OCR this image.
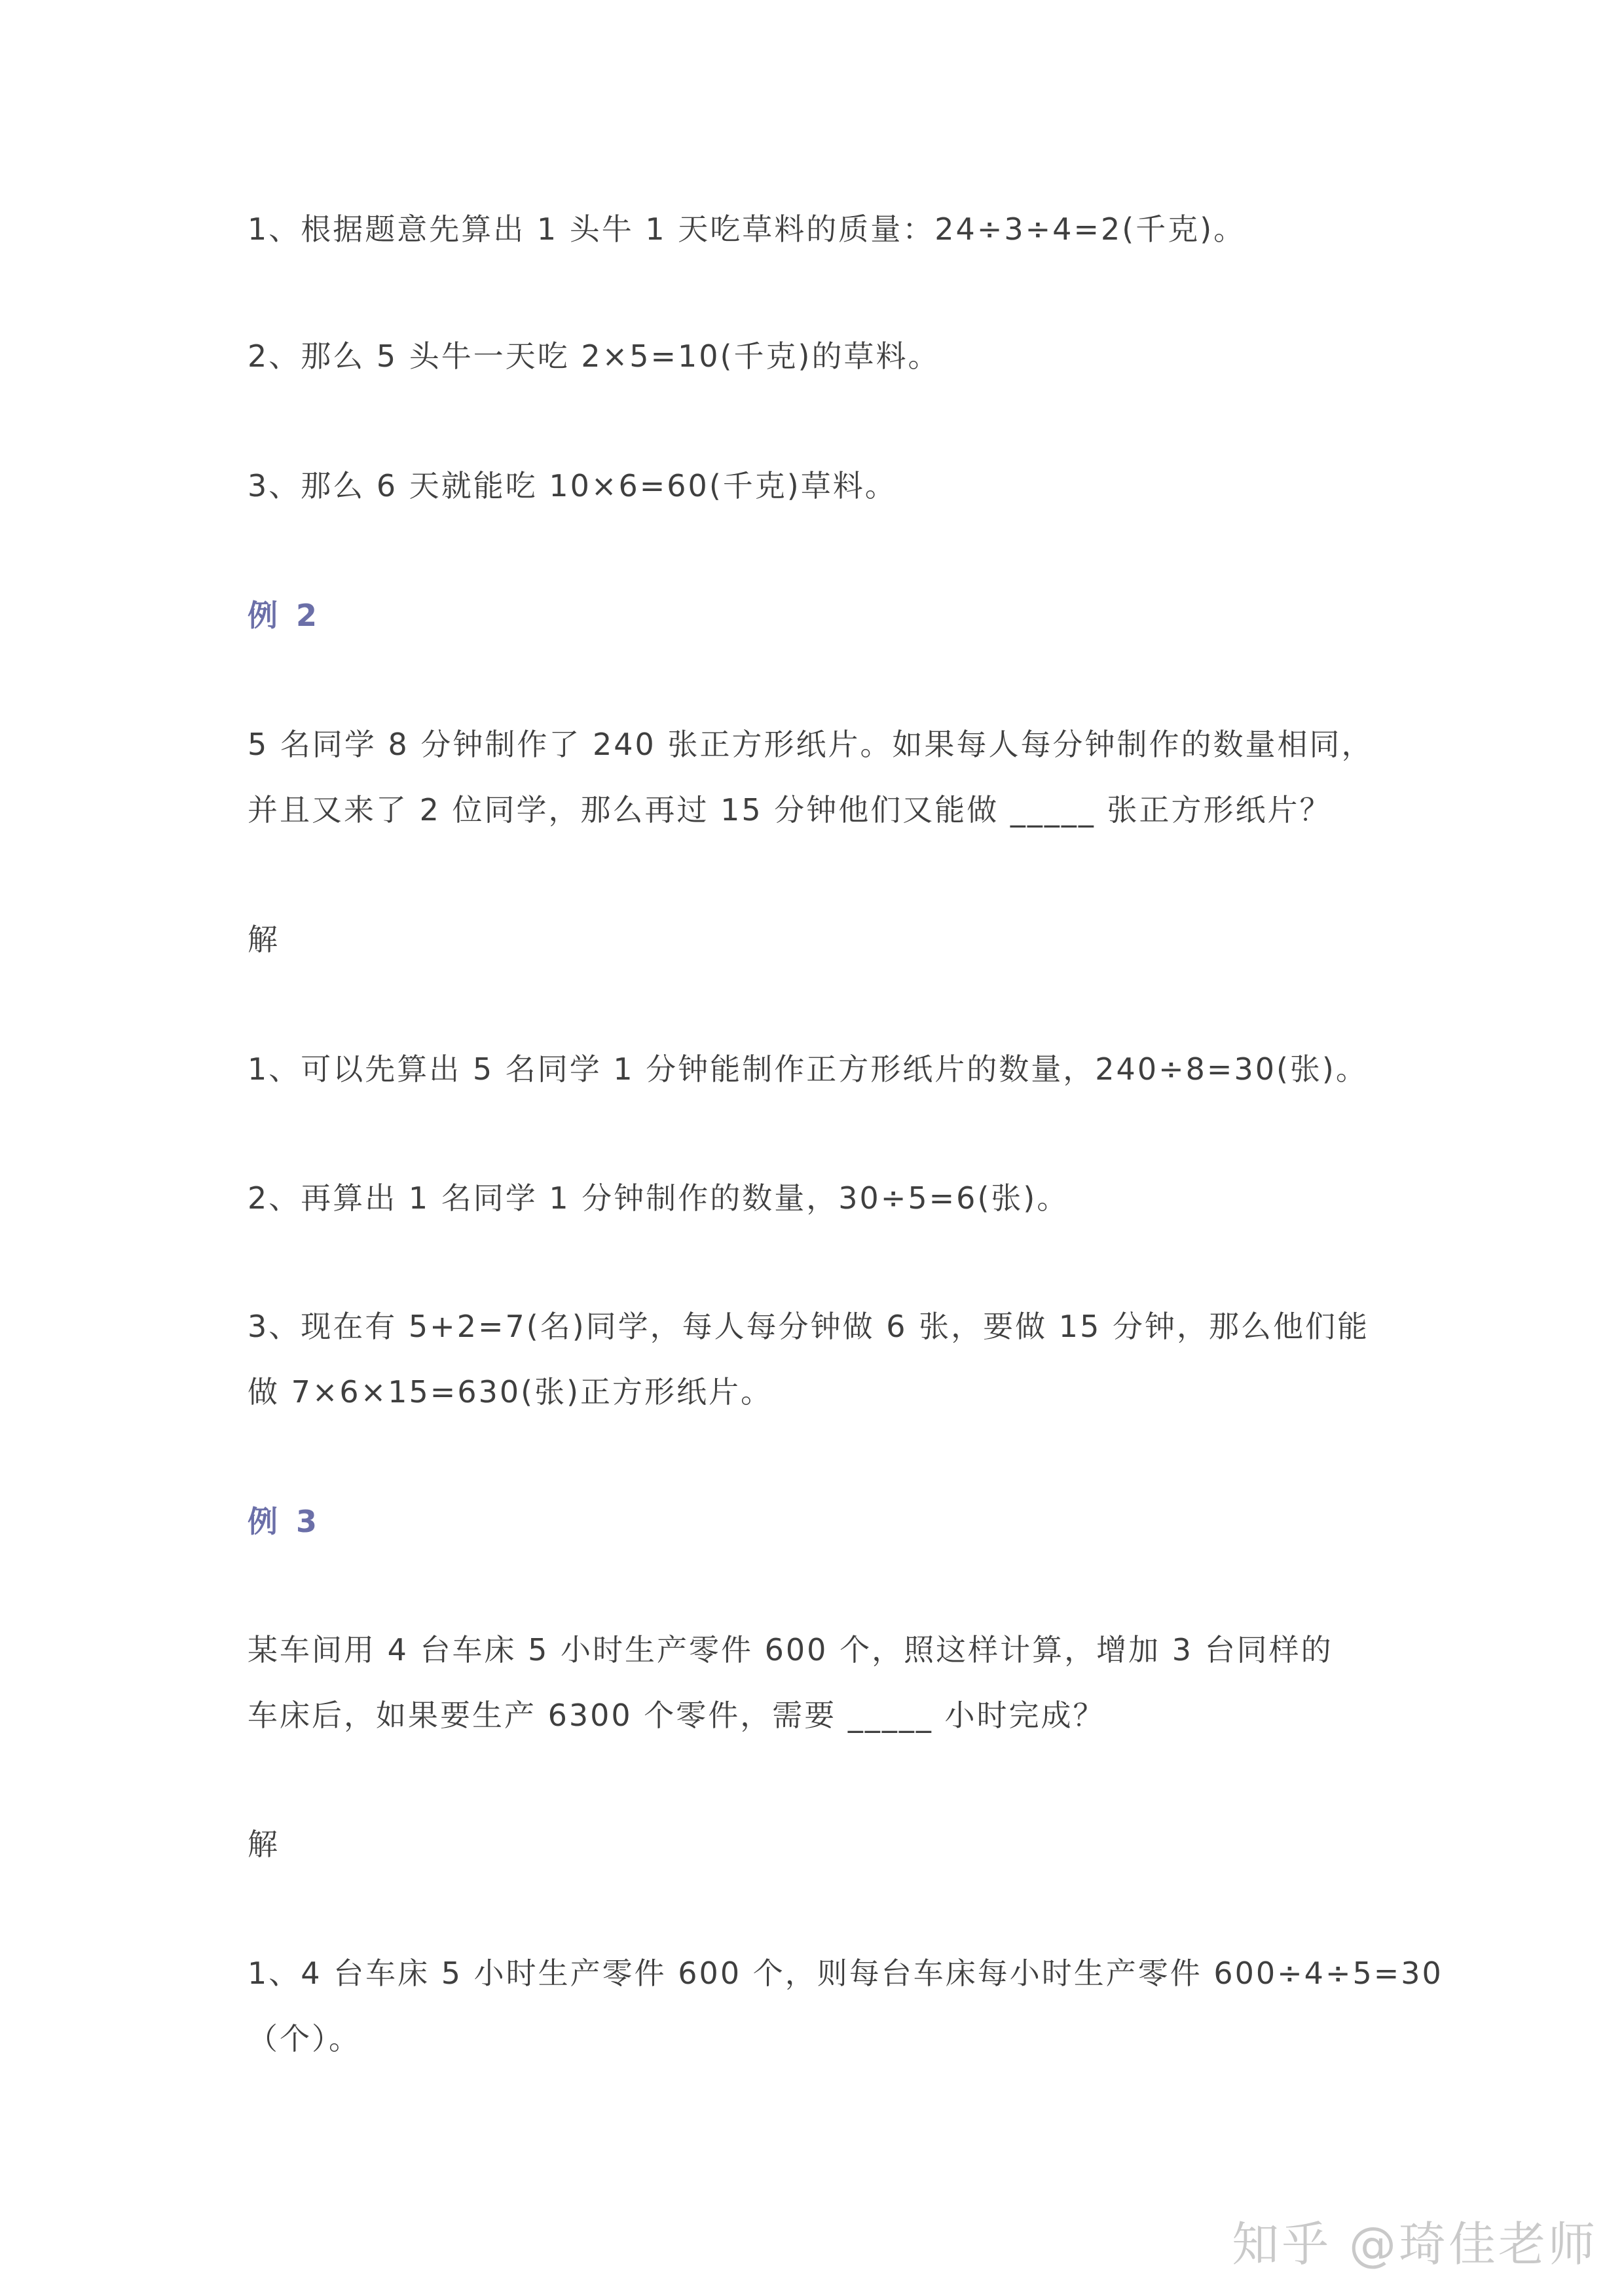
1、根据题意先算出 1 头牛 1 天吃草料的质量：24÷3÷4=2(千克)。

2、那么 5 头牛一天吃 2×5=10(千克)的草料。

3、那么 6 天就能吃 10×6=60(千克)草料。

例 2

5 名同学 8 分钟制作了 240 张正方形纸片。如果每人每分钟制作的数量相同，

并且又来了 2 位同学，那么再过 15 分钟他们又能做 _____ 张正方形纸片？

解

1、可以先算出 5 名同学 1 分钟能制作正方形纸片的数量，240÷8=30(张)。

2、再算出 1 名同学 1 分钟制作的数量，30÷5=6(张)。

3、现在有 5+2=7(名)同学，每人每分钟做 6 张，要做 15 分钟，那么他们能

做 7×6×15=630(张)正方形纸片。

例 3

某车间用 4 台车床 5 小时生产零件 600 个，照这样计算，增加 3 台同样的

车床后，如果要生产 6300 个零件，需要 _____ 小时完成？

解

1、4 台车床 5 小时生产零件 600 个，则每台车床每小时生产零件 600÷4÷5=30

（个）。

知乎 @琦佳老师
